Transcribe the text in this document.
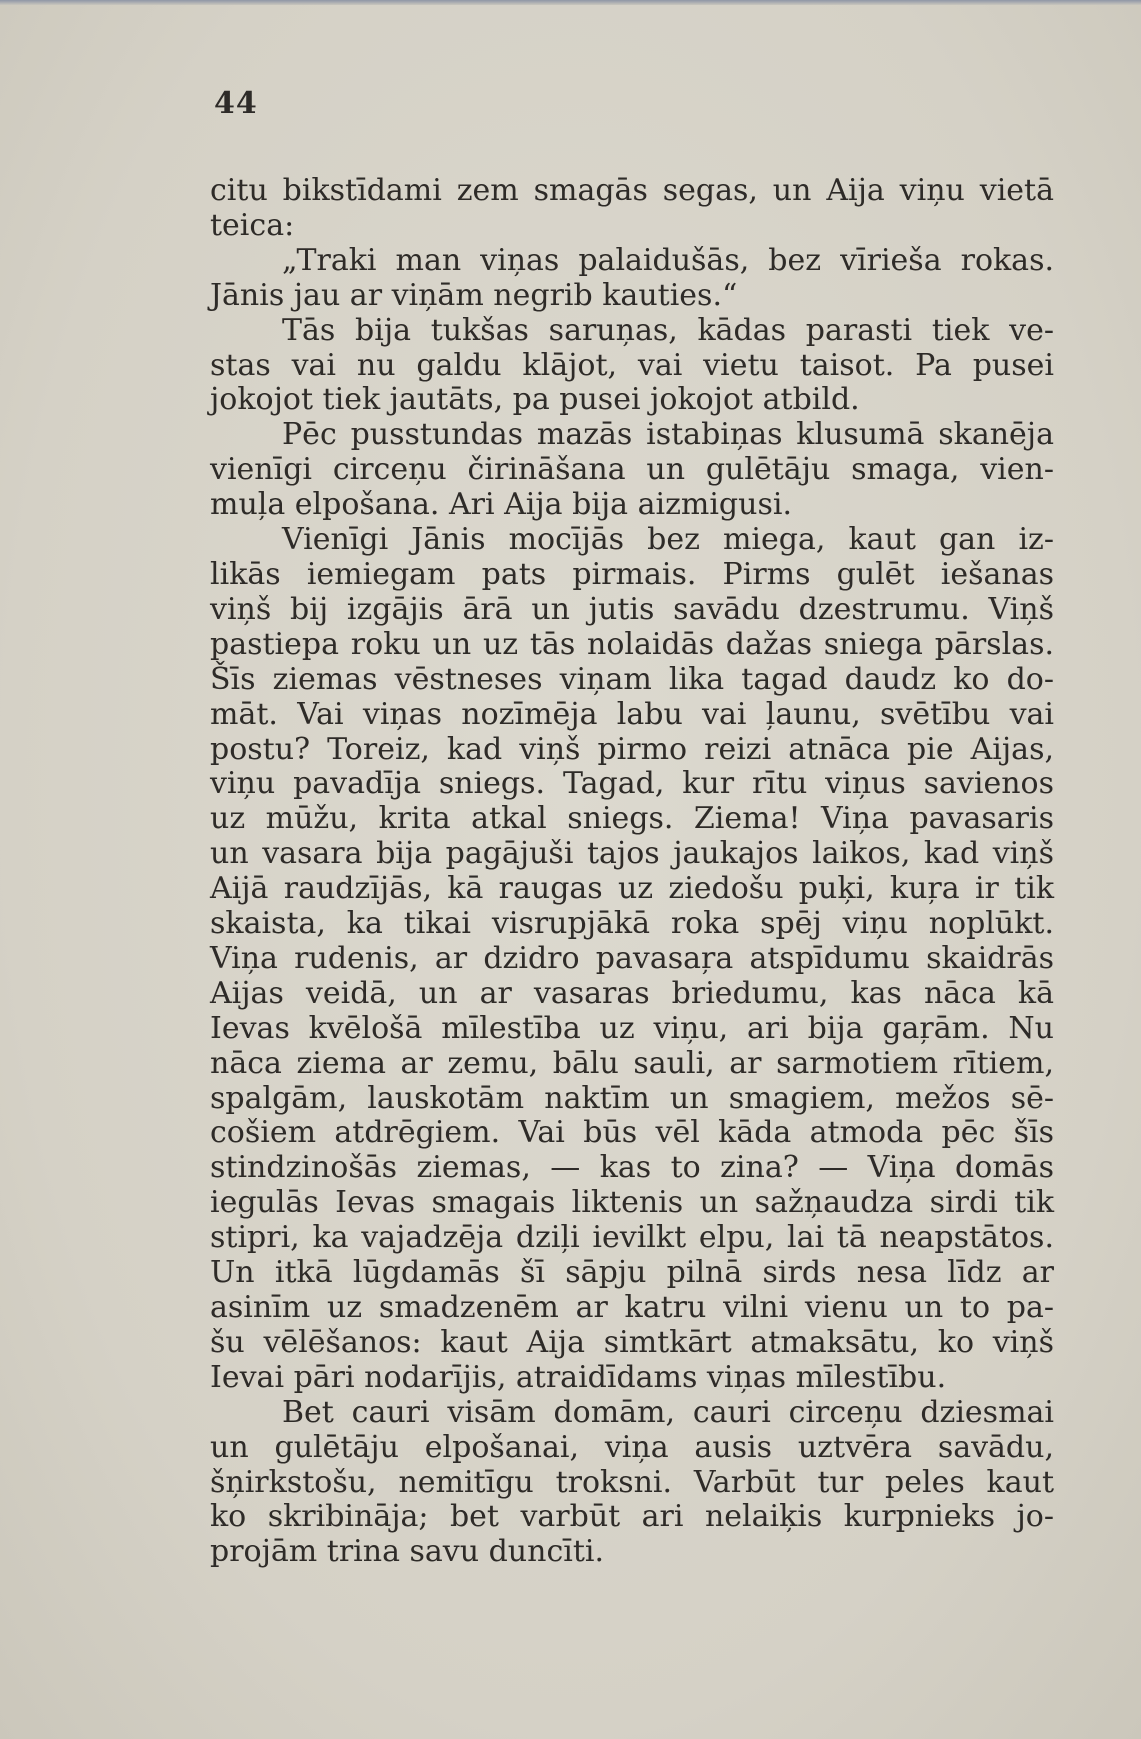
44
citu bikstīdami zem smagās segas, un Aija viņu vietā
teica:
„Traki man viņas palaidušās, bez vīrieša rokas.
Jānis jau ar viņām negrib kauties.“
Tās bija tukšas saruņas, kādas parasti tiek ve-
stas vai nu galdu klājot, vai vietu taisot. Pa pusei
jokojot tiek jautāts, pa pusei jokojot atbild.
Pēc pusstundas mazās istabiņas klusumā skanēja
vienīgi circeņu čirināšana un gulētāju smaga, vien-
muļa elpošana. Ari Aija bija aizmigusi.
Vienīgi Jānis mocījās bez miega, kaut gan iz-
likās iemiegam pats pirmais. Pirms gulēt iešanas
viņš bij izgājis ārā un jutis savādu dzestrumu. Viņš
pastiepa roku un uz tās nolaidās dažas sniega pārslas.
Šīs ziemas vēstneses viņam lika tagad daudz ko do-
māt. Vai viņas nozīmēja labu vai ļaunu, svētību vai
postu? Toreiz, kad viņš pirmo reizi atnāca pie Aijas,
viņu pavadīja sniegs. Tagad, kur rītu viņus savienos
uz mūžu, krita atkal sniegs. Ziema! Viņa pavasaris
un vasara bija pagājuši tajos jaukajos laikos, kad viņš
Aijā raudzījās, kā raugas uz ziedošu puķi, kuŗa ir tik
skaista, ka tikai visrupjākā roka spēj viņu noplūkt.
Viņa rudenis, ar dzidro pavasaŗa atspīdumu skaidrās
Aijas veidā, un ar vasaras briedumu, kas nāca kā
Ievas kvēlošā mīlestība uz viņu, ari bija gaŗām. Nu
nāca ziema ar zemu, bālu sauli, ar sarmotiem rītiem,
spalgām, lauskotām naktīm un smagiem, mežos sē-
cošiem atdrēgiem. Vai būs vēl kāda atmoda pēc šīs
stindzinošās ziemas, — kas to zina? — Viņa domās
iegulās Ievas smagais liktenis un sažņaudza sirdi tik
stipri, ka vajadzēja dziļi ievilkt elpu, lai tā neapstātos.
Un itkā lūgdamās šī sāpju pilnā sirds nesa līdz ar
asinīm uz smadzenēm ar katru vilni vienu un to pa-
šu vēlēšanos: kaut Aija simtkārt atmaksātu, ko viņš
Ievai pāri nodarījis, atraidīdams viņas mīlestību.
Bet cauri visām domām, cauri circeņu dziesmai
un gulētāju elpošanai, viņa ausis uztvēra savādu,
šņirkstošu, nemitīgu troksni. Varbūt tur peles kaut
ko skribināja; bet varbūt ari nelaiķis kurpnieks jo-
projām trina savu duncīti.
